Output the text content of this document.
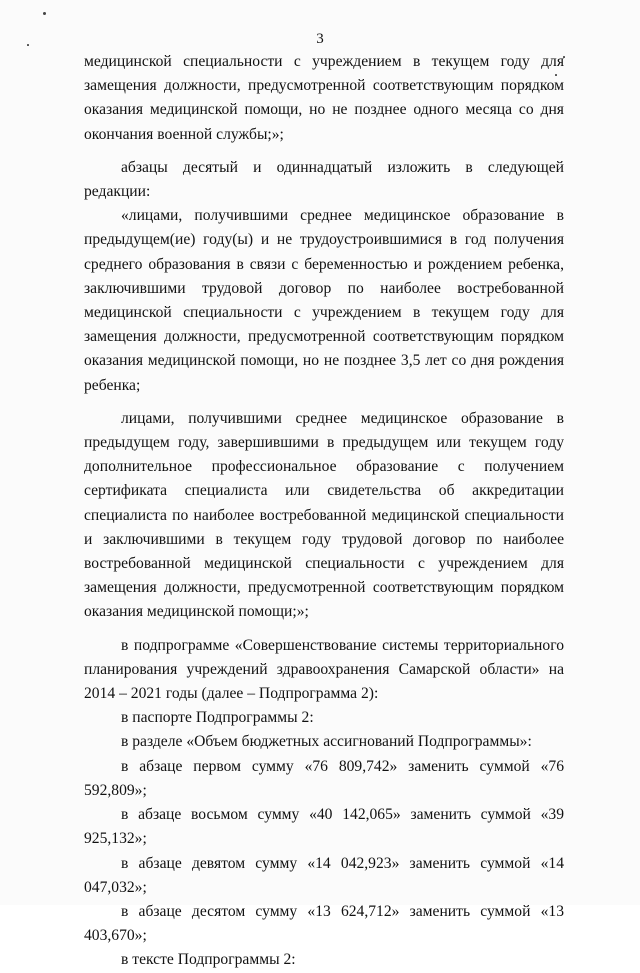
3

медицинской специальности с учреждением в текущем году для замещения должности, предусмотренной соответствующим порядком оказания медицинской помощи, но не позднее одного месяца со дня окончания военной службы;»;

абзацы десятый и одиннадцатый изложить в следующей редакции:

«лицами, получившими среднее медицинское образование в предыдущем(ие) году(ы) и не трудоустроившимися в год получения среднего образования в связи с беременностью и рождением ребенка, заключившими трудовой договор по наиболее востребованной медицинской специальности с учреждением в текущем году для замещения должности, предусмотренной соответствующим порядком оказания медицинской помощи, но не позднее 3,5 лет со дня рождения ребенка;

лицами, получившими среднее медицинское образование в предыдущем году, завершившими в предыдущем или текущем году дополнительное профессиональное образование с получением сертификата специалиста или свидетельства об аккредитации специалиста по наиболее востребованной медицинской специальности и заключившими в текущем году трудовой договор по наиболее востребованной медицинской специальности с учреждением для замещения должности, предусмотренной соответствующим порядком оказания медицинской помощи;»;

в подпрограмме «Совершенствование системы территориального планирования учреждений здравоохранения Самарской области» на 2014 – 2021 годы (далее – Подпрограмма 2):

в паспорте Подпрограммы 2:

в разделе «Объем бюджетных ассигнований Подпрограммы»:

в абзаце первом сумму «76 809,742» заменить суммой «76 592,809»;

в абзаце восьмом сумму «40 142,065» заменить суммой «39 925,132»;

в абзаце девятом сумму «14 042,923» заменить суммой «14 047,032»;

в абзаце десятом сумму «13 624,712» заменить суммой «13 403,670»;

в тексте Подпрограммы 2:
